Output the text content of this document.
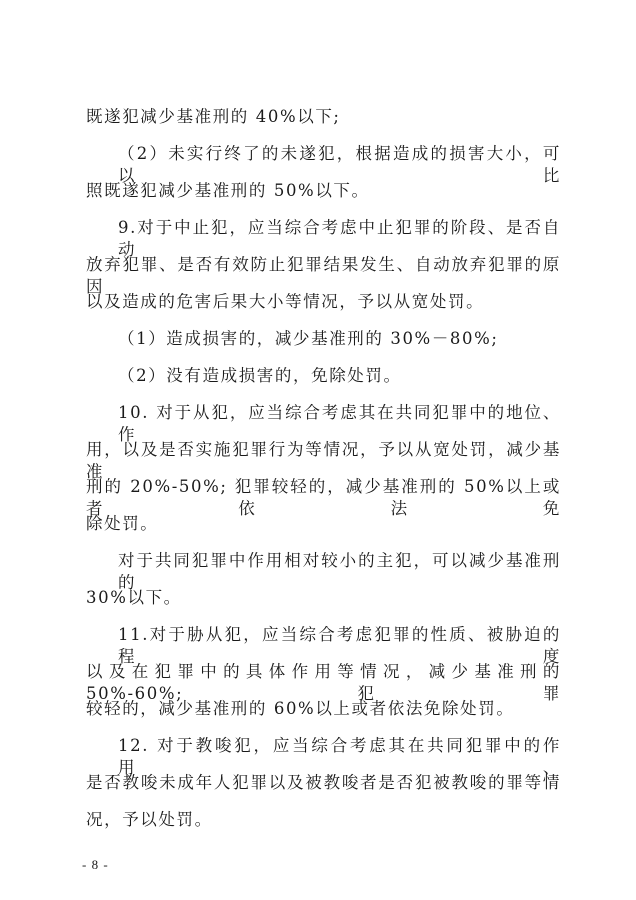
既遂犯减少基准刑的 40%以下;
（2）未实行终了的未遂犯，根据造成的损害大小，可以比
照既遂犯减少基准刑的 50%以下。
9.对于中止犯，应当综合考虑中止犯罪的阶段、是否自动
放弃犯罪、是否有效防止犯罪结果发生、自动放弃犯罪的原因
以及造成的危害后果大小等情况，予以从宽处罚。
（1）造成损害的，减少基准刑的 30%－80%;
（2）没有造成损害的，免除处罚。
10. 对于从犯，应当综合考虑其在共同犯罪中的地位、作
用，以及是否实施犯罪行为等情况，予以从宽处罚，减少基准
刑的 20%-50%; 犯罪较轻的，减少基准刑的 50%以上或者依法免
除处罚。
对于共同犯罪中作用相对较小的主犯，可以减少基准刑的
30%以下。
11.对于胁从犯，应当综合考虑犯罪的性质、被胁迫的程度
以及在犯罪中的具体作用等情况，减少基准刑的 50%-60%; 犯罪
较轻的，减少基准刑的 60%以上或者依法免除处罚。
12. 对于教唆犯，应当综合考虑其在共同犯罪中的作用、
是否教唆未成年人犯罪以及被教唆者是否犯被教唆的罪等情
况，予以处罚。
- 8 -
